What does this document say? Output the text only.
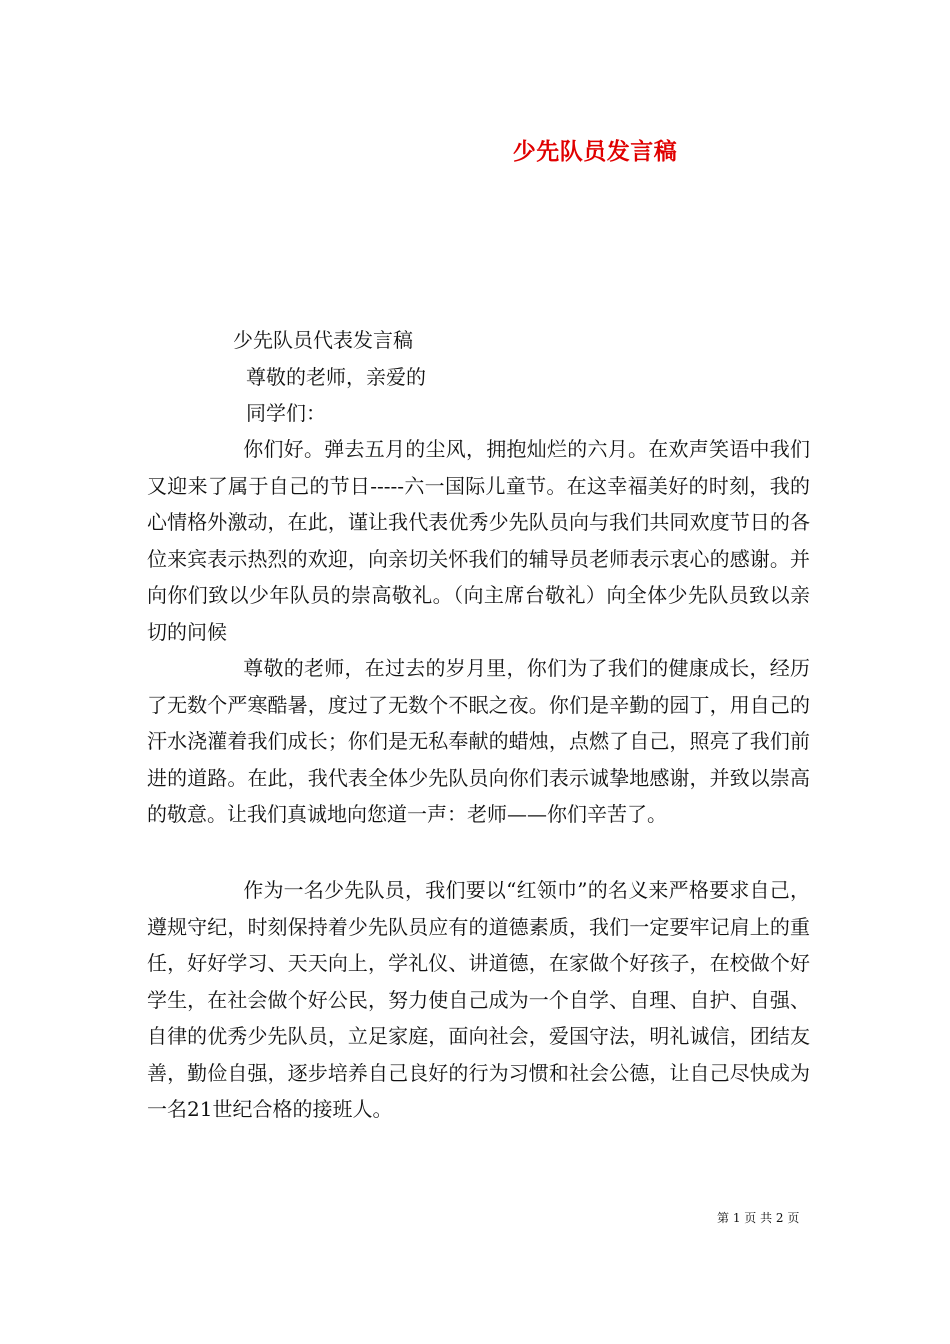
少先队员发言稿
少先队员代表发言稿
尊敬的老师，亲爱的
同学们：
你们好。弹去五月的尘风，拥抱灿烂的六月。在欢声笑语中我们又迎来了属于自己的节日-----六一国际儿童节。在这幸福美好的时刻，我的心情格外激动，在此，谨让我代表优秀少先队员向与我们共同欢度节日的各位来宾表示热烈的欢迎，向亲切关怀我们的辅导员老师表示衷心的感谢。并向你们致以少年队员的崇高敬礼。（向主席台敬礼）向全体少先队员致以亲切的问候
尊敬的老师，在过去的岁月里，你们为了我们的健康成长，经历了无数个严寒酷暑，度过了无数个不眠之夜。你们是辛勤的园丁，用自己的汗水浇灌着我们成长；你们是无私奉献的蜡烛，点燃了自己，照亮了我们前进的道路。在此，我代表全体少先队员向你们表示诚挚地感谢，并致以崇高的敬意。让我们真诚地向您道一声：老师——你们辛苦了。
作为一名少先队员，我们要以“红领巾”的名义来严格要求自己，遵规守纪，时刻保持着少先队员应有的道德素质，我们一定要牢记肩上的重任，好好学习、天天向上，学礼仪、讲道德，在家做个好孩子，在校做个好学生，在社会做个好公民，努力使自己成为一个自学、自理、自护、自强、自律的优秀少先队员，立足家庭，面向社会，爱国守法，明礼诚信，团结友善，勤俭自强，逐步培养自己良好的行为习惯和社会公德，让自己尽快成为一名21世纪合格的接班人。
第 1 页 共 2 页
